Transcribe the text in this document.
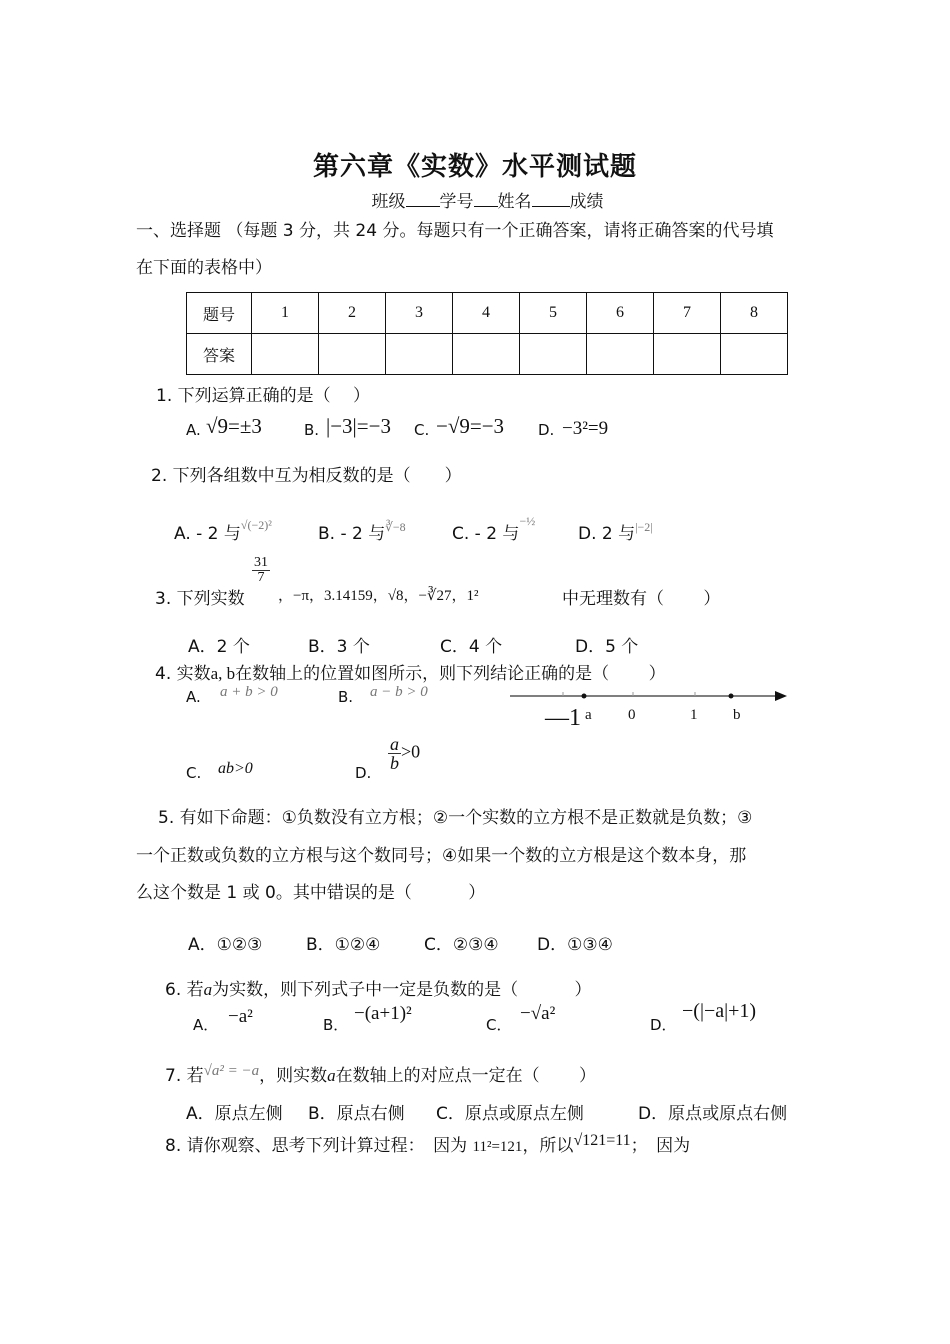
第六章《实数》水平测试题
班级 学号 姓名 成绩
一、选择题 （每题 3 分，共 24 分。每题只有一个正确答案，请将正确答案的代号填
在下面的表格中）
题号	1	2	3	4	5	6	7	8
答案								
1. 下列运算正确的是（　 ）
A. √9=±3	B. |−3|=−3 C. −√9=−3 D. −3²=9
2. 下列各组数中互为相反数的是（　　）
A. - 2 与$^{√(-2)^2}$	B. - 2 与$^{∛-8}$	C. - 2 与$^{-\frac{1}{2}}$
D. 2 与$^{|-2|}$
3. 下列实数
$\frac{31}{7}$
，−π，3.14159，√8，−∛27，1²	中无理数有（　　 ）
A．2 个	B．3 个	C．4 个	D．5 个
4. 实数a, b在数轴上的位置如图所示，则下列结论正确的是（　　 ）
A. a + b > 0	B. a − b > 0
—1 a 0	1 b
C. ab>0	D.
$\frac{a}{b} >0$
5. 有如下命题：①负数没有立方根；②一个实数的立方根不是正数就是负数；③
一个正数或负数的立方根与这个数同号；④如果一个数的立方根是这个数本身，那
么这个数是 1 或 0。其中错误的是（　　　 ）
A．①②③	B．①②④	C．②③④ D．①③④
6. 若a为实数，则下列式子中一定是负数的是（　　　 ）
A． −a²	B．
−(a+1)²
C．
−√a²
D．
−(|−a|+1)
7. 若√a² = −a，则实数a在数轴上的对应点一定在（　　 ）
A．原点左侧 B．原点右侧 C．原点或原点左侧	D．原点或原点右侧
8. 请你观察、思考下列计算过程：　因为 11²=121，所以√121=11；　因为
